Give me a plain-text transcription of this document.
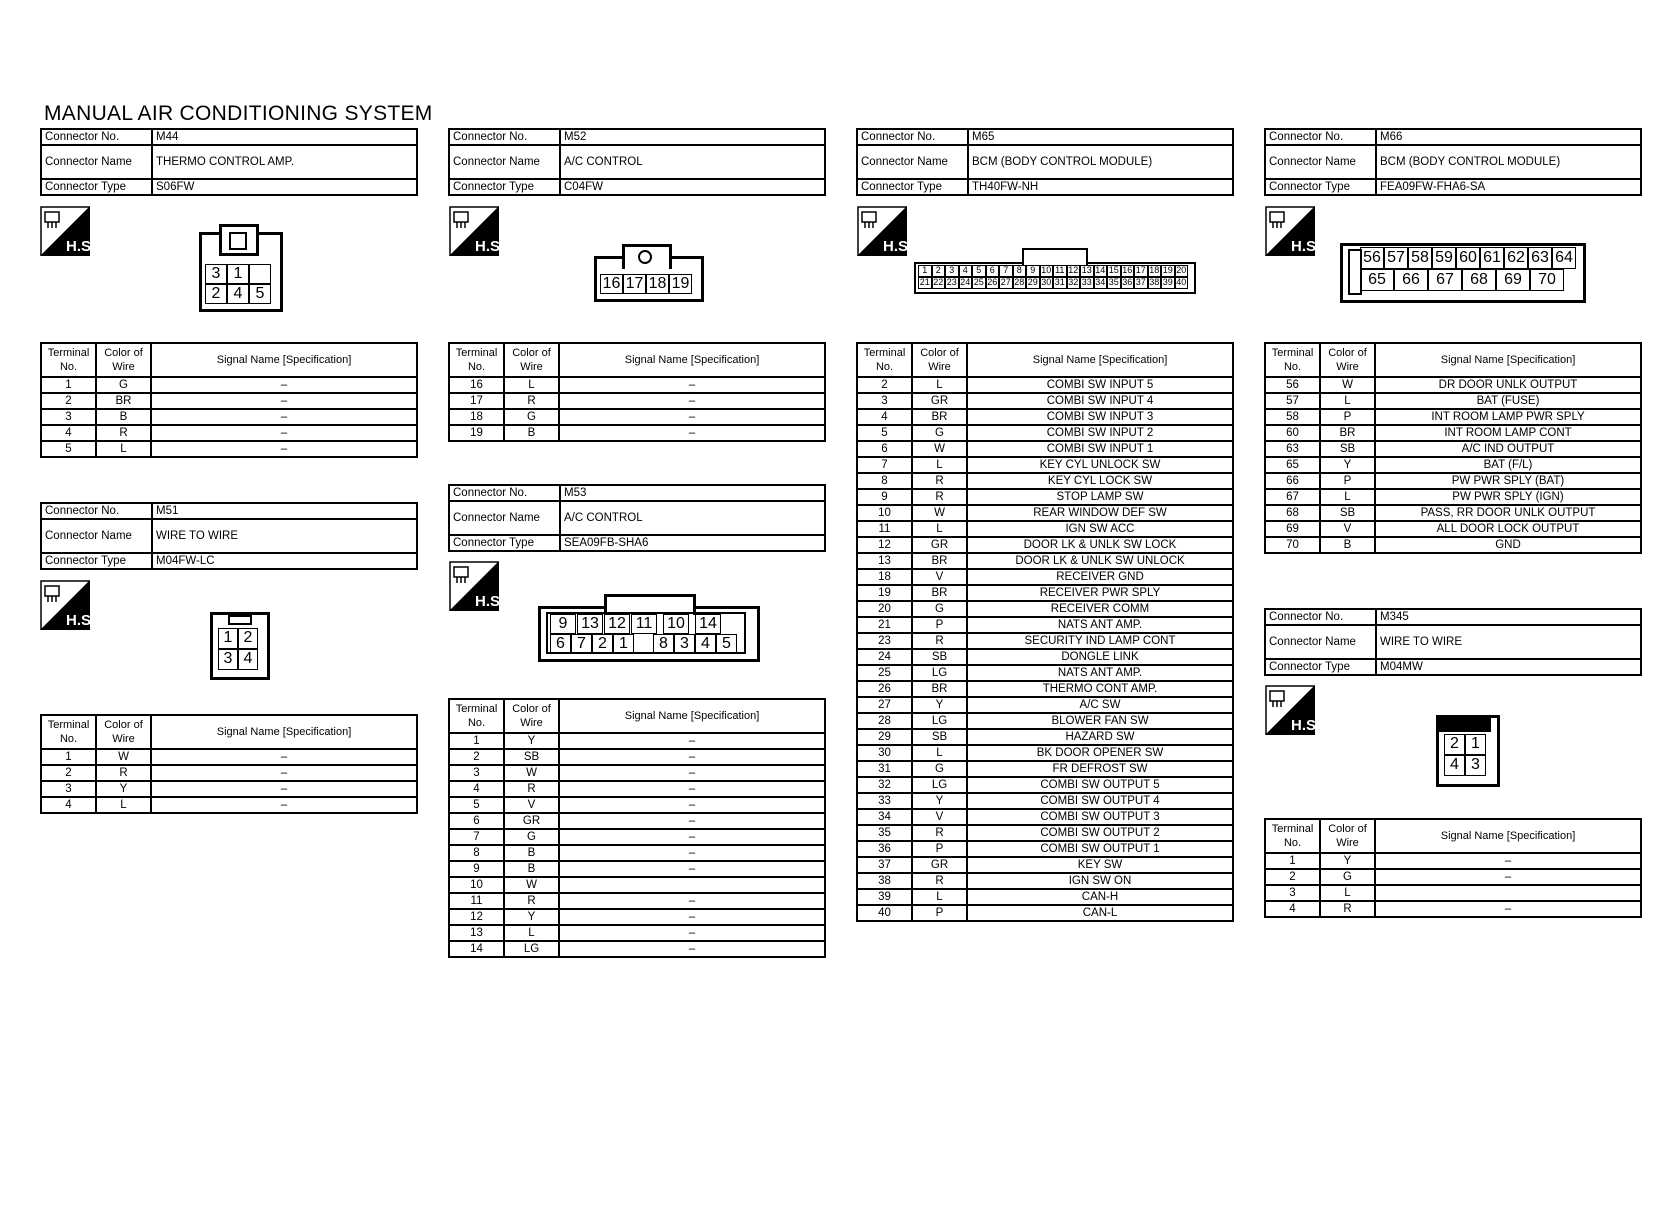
MANUAL AIR CONDITIONING SYSTEM
Connector No.	M44
Connector Name	THERMO CONTROL AMP.
Connector Type	S06FW
H.S.
3 1
2 4 5
Terminal No.	Color of Wire	Signal Name [Specification]
1	G	–
2	BR	–
3	B	–
4	R	–
5	L	–
Connector No.	M51
Connector Name	WIRE TO WIRE
Connector Type	M04FW-LC
H.S.
1 2
3 4
Terminal No.	Color of Wire	Signal Name [Specification]
1	W	–
2	R	–
3	Y	–
4	L	–
Connector No.	M52
Connector Name	A/C CONTROL
Connector Type	C04FW
H.S.
16 17 18 19
Terminal No.	Color of Wire	Signal Name [Specification]
16	L	–
17	R	–
18	G	–
19	B	–
Connector No.	M53
Connector Name	A/C CONTROL
Connector Type	SEA09FB-SHA6
H.S.
9 13 12 11 10 14
6 7 2 1	8 3 4 5
Terminal No.	Color of Wire	Signal Name [Specification]
1	Y	–
2	SB	–
3	W	–
4	R	–
5	V	–
6	GR	–
7	G	–
8	B	–
9	B	–
10	W	
11	R	–
12	Y	–
13	L	–
14	LG	–
Connector No.	M65
Connector Name	BCM (BODY CONTROL MODULE)
Connector Type	TH40FW-NH
H.S.
1 2 3 4 5 6 7 8 9 10 11 12 13 14 15 16 17 18 19 20
21 22 23 24 25 26 27 28 29 30 31 32 33 34 35 36 37 38 39 40
Terminal No.	Color of Wire	Signal Name [Specification]
2	L	COMBI SW INPUT 5
3	GR	COMBI SW INPUT 4
4	BR	COMBI SW INPUT 3
5	G	COMBI SW INPUT 2
6	W	COMBI SW INPUT 1
7	L	KEY CYL UNLOCK SW
8	R	KEY CYL LOCK SW
9	R	STOP LAMP SW
10	W	REAR WINDOW DEF SW
11	L	IGN SW ACC
12	GR	DOOR LK & UNLK SW LOCK
13	BR	DOOR LK & UNLK SW UNLOCK
18	V	RECEIVER GND
19	BR	RECEIVER PWR SPLY
20	G	RECEIVER COMM
21	P	NATS ANT AMP.
23	R	SECURITY IND LAMP CONT
24	SB	DONGLE LINK
25	LG	NATS ANT AMP.
26	BR	THERMO CONT AMP.
27	Y	A/C SW
28	LG	BLOWER FAN SW
29	SB	HAZARD SW
30	L	BK DOOR OPENER SW
31	G	FR DEFROST SW
32	LG	COMBI SW OUTPUT 5
33	Y	COMBI SW OUTPUT 4
34	V	COMBI SW OUTPUT 3
35	R	COMBI SW OUTPUT 2
36	P	COMBI SW OUTPUT 1
37	GR	KEY SW
38	R	IGN SW ON
39	L	CAN-H
40	P	CAN-L
Connector No.	M66
Connector Name	BCM (BODY CONTROL MODULE)
Connector Type	FEA09FW-FHA6-SA
H.S.
56 57 58 59 60 61 62 63 64
65	66	67	68	69	70
Terminal No.	Color of Wire	Signal Name [Specification]
56	W	DR DOOR UNLK OUTPUT
57	L	BAT (FUSE)
58	P	INT ROOM LAMP PWR SPLY
60	BR	INT ROOM LAMP CONT
63	SB	A/C IND OUTPUT
65	Y	BAT (F/L)
66	P	PW PWR SPLY (BAT)
67	L	PW PWR SPLY (IGN)
68	SB	PASS, RR DOOR UNLK OUTPUT
69	V	ALL DOOR LOCK OUTPUT
70	B	GND
Connector No.	M345
Connector Name	WIRE TO WIRE
Connector Type	M04MW
H.S.
2 1
4 3
Terminal No.	Color of Wire	Signal Name [Specification]
1	Y	–
2	G	–
3	L	
4	R	–
